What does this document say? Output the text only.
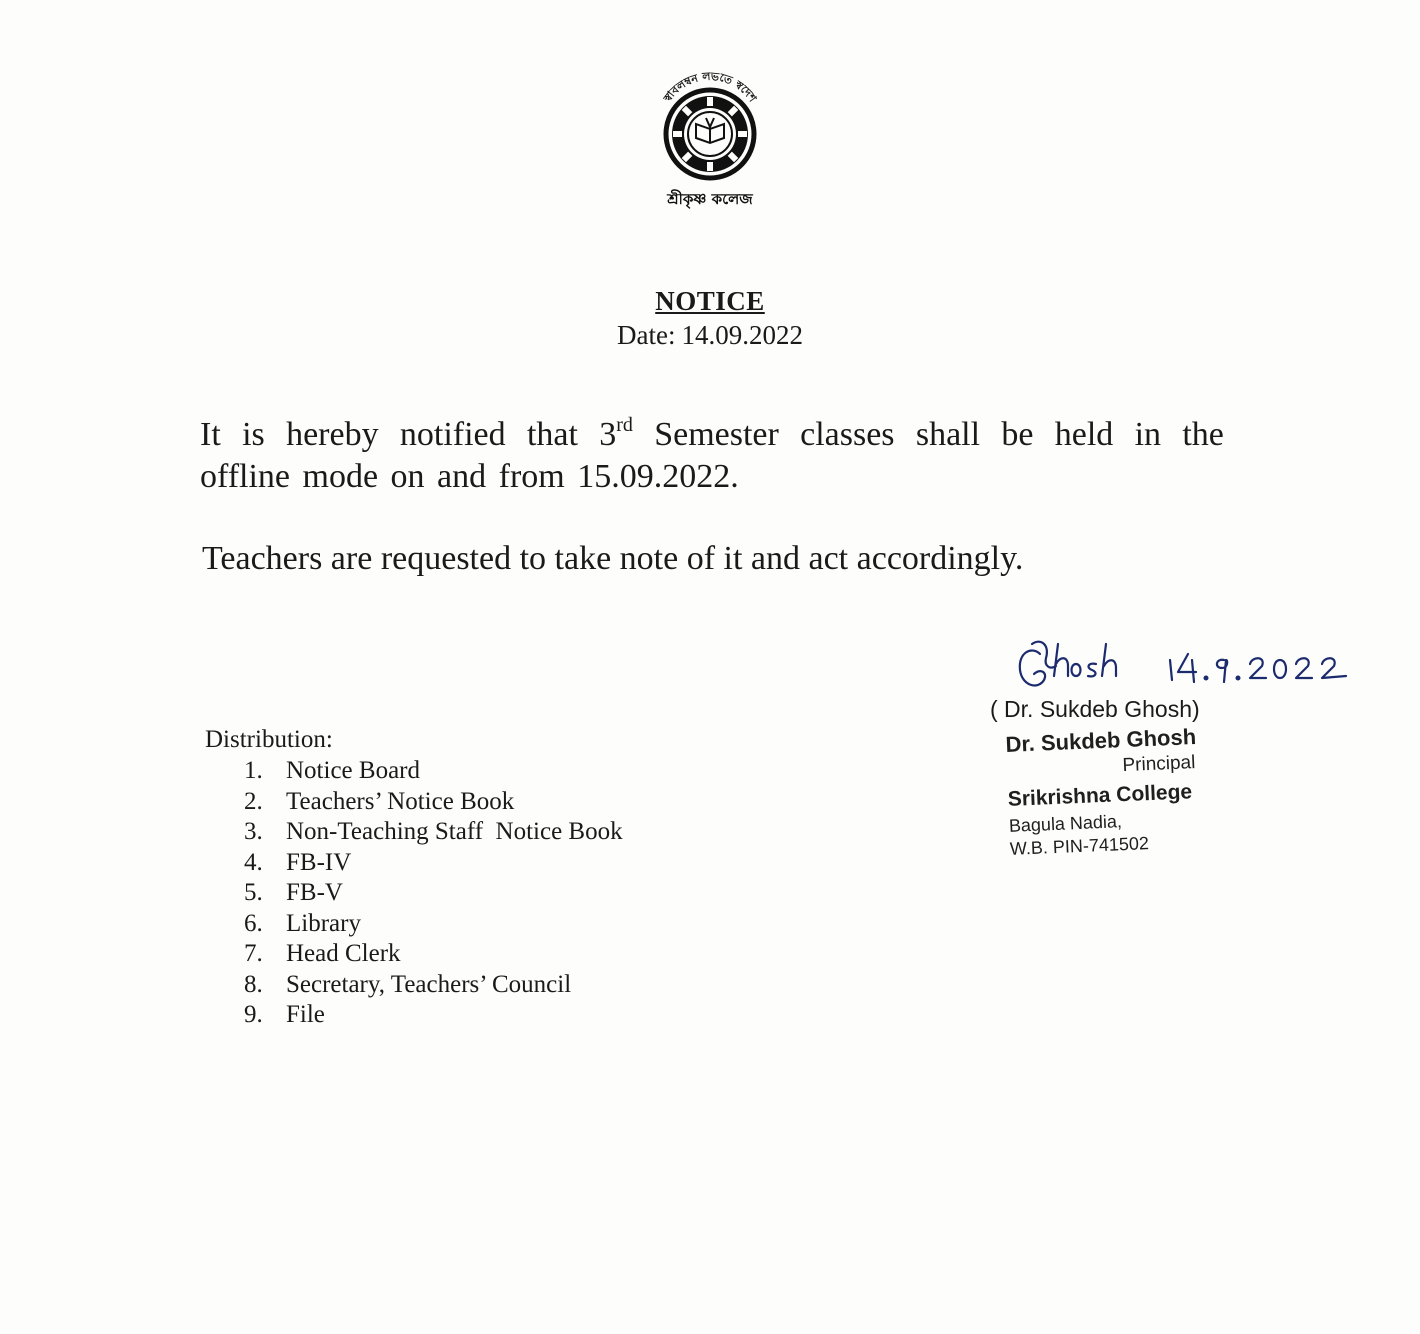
স্বাবলম্বন লভতে স্বদেশ
শ্রীকৃষ্ণ কলেজ
NOTICE
Date: 14.09.2022
It is hereby notified that 3rd Semester classes shall be held in the
offline mode on and from 15.09.2022.
Teachers are requested to take note of it and act accordingly.
( Dr. Sukdeb Ghosh)
Dr. Sukdeb Ghosh
Principal
Srikrishna College
Bagula Nadia,
W.B. PIN-741502
Distribution:
1. Notice Board
2. Teachers’ Notice Book
3. Non-Teaching Staff  Notice Book
4. FB-IV
5. FB-V
6. Library
7. Head Clerk
8. Secretary, Teachers’ Council
9. File
